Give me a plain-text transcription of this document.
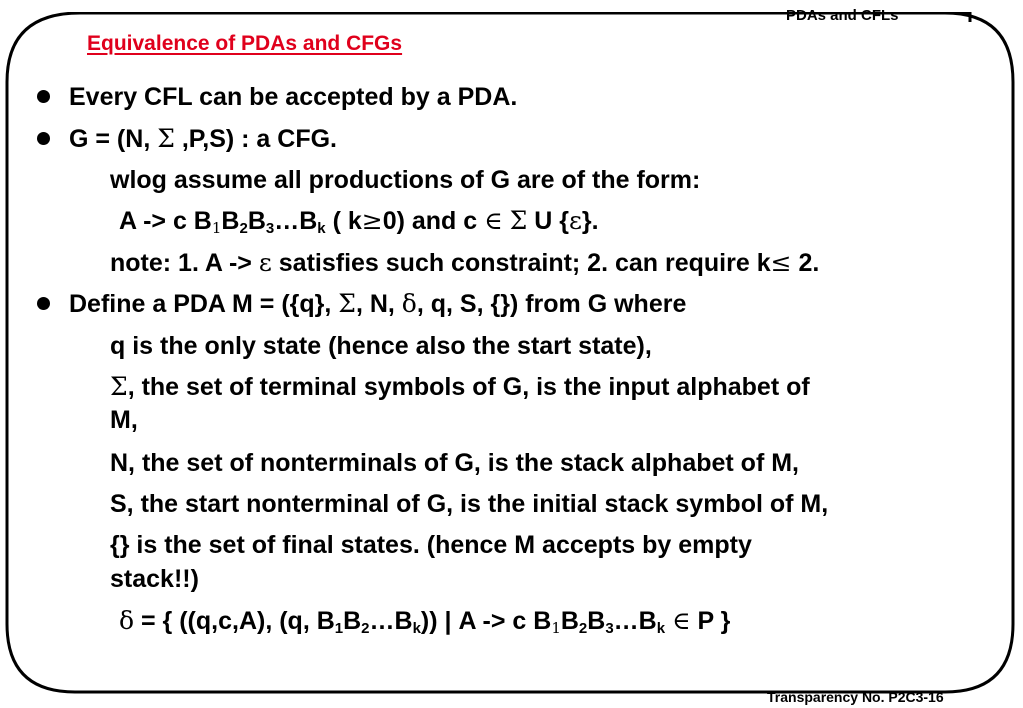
PDAs and CFLs
Transparency No. P2C3-16
Equivalence of PDAs and CFGs
Every CFL can be accepted by a PDA.
G = (N, Σ ,P,S) : a CFG.
wlog assume all productions of G are of the form:
A -> c $B_1B_2B_3\dots B_k$ ( k≥0) and c ∈ Σ U {ε}.
note: 1. A -> ε satisfies such constraint; 2. can require k≤ 2.
Define a PDA M = ({q}, Σ, N, δ, q, S, {}) from G where
q is the only state (hence also the start state),
Σ, the set of terminal symbols of G, is the input alphabet of
M,
N, the set of nonterminals of G, is the stack alphabet of M,
S, the start nonterminal of G, is the initial stack symbol of M,
{} is the set of final states. (hence M accepts by empty
stack!!)
δ = { ((q,c,A), (q, $B_1B_2\dots B_k$)) | A -> c $B_1B_2B_3\dots B_k$ ∈ P }
